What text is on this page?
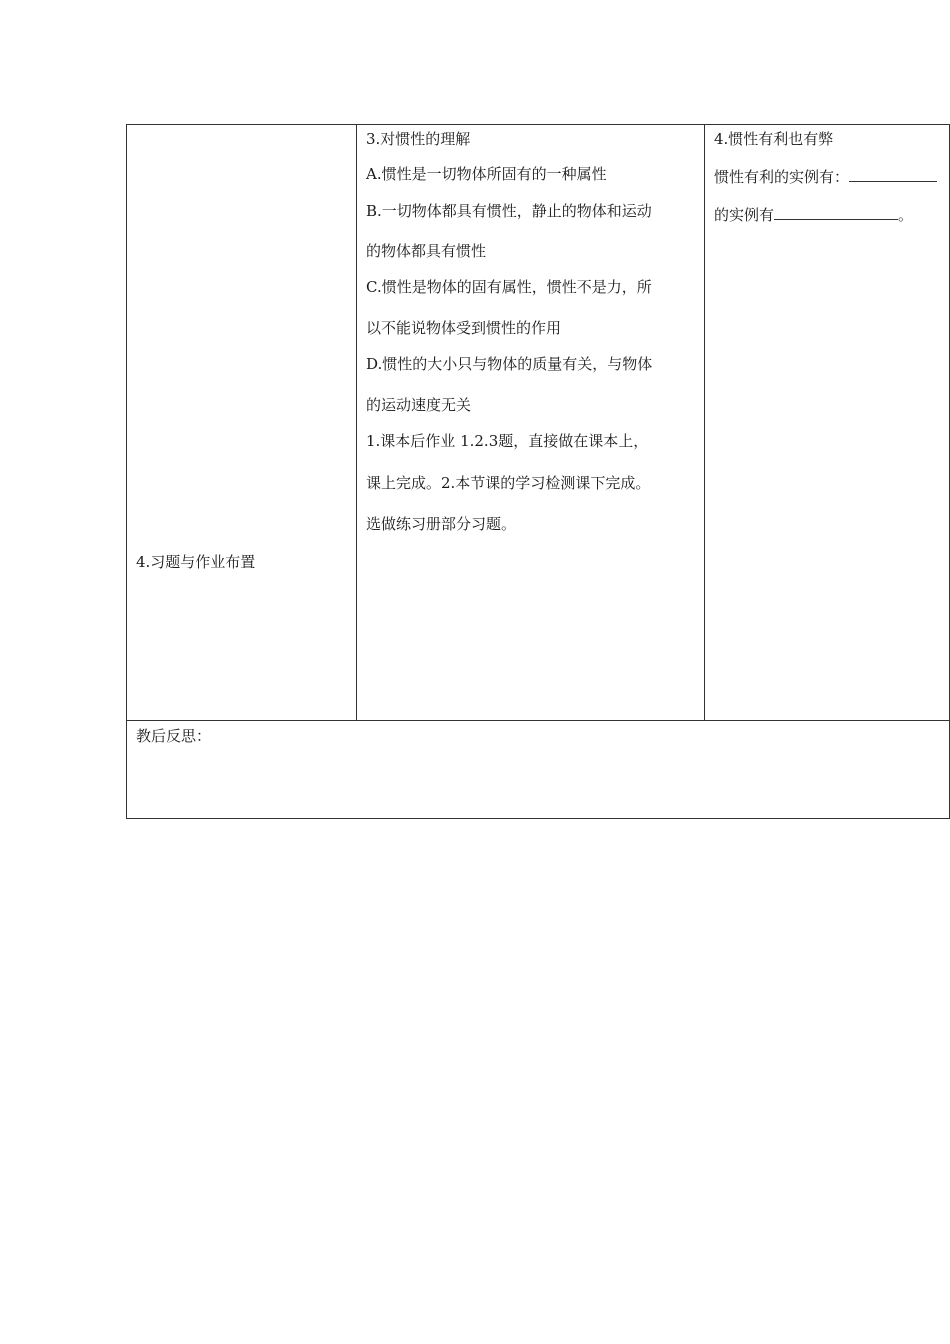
4.习题与作业布置

3.对惯性的理解
A.惯性是一切物体所固有的一种属性
B.一切物体都具有惯性，静止的物体和运动
的物体都具有惯性
C.惯性是物体的固有属性，惯性不是力，所
以不能说物体受到惯性的作用
D.惯性的大小只与物体的质量有关，与物体
的运动速度无关
1.课本后作业 1.2.3题，直接做在课本上，
课上完成。2.本节课的学习检测课下完成。
选做练习册部分习题。

4.惯性有利也有弊
惯性有利的实例有：
的实例有	。

教后反思：
